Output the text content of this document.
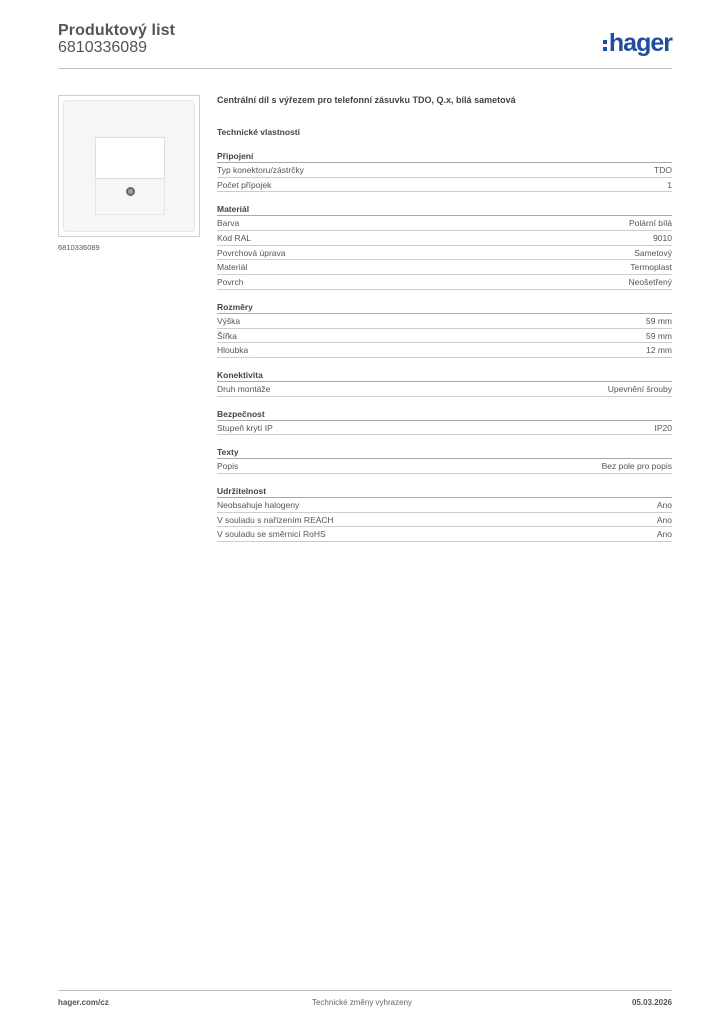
Produktový list
6810336089	hager
6810336089
Centrální díl s výřezem pro telefonní zásuvku TDO, Q.x, bílá sametová
Technické vlastnosti
Připojení
Typ konektoru/zástrčky	TDO
Počet přípojek	1
Materiál
Barva	Polární bílá
Kód RAL	9010
Povrchová úprava	Sametový
Materiál	Termoplast
Povrch	Neošetřený
Rozměry
Výška	59 mm
Šířka	59 mm
Hloubka	12 mm
Konektivita
Druh montáže	Upevnění šrouby
Bezpečnost
Stupeň krytí IP	IP20
Texty
Popis	Bez pole pro popis
Udržitelnost
Neobsahuje halogeny	Ano
V souladu s nařízením REACH	Ano
V souladu se směrnicí RoHS	Ano
hager.com/cz	Technické změny vyhrazeny	05.03.2026
